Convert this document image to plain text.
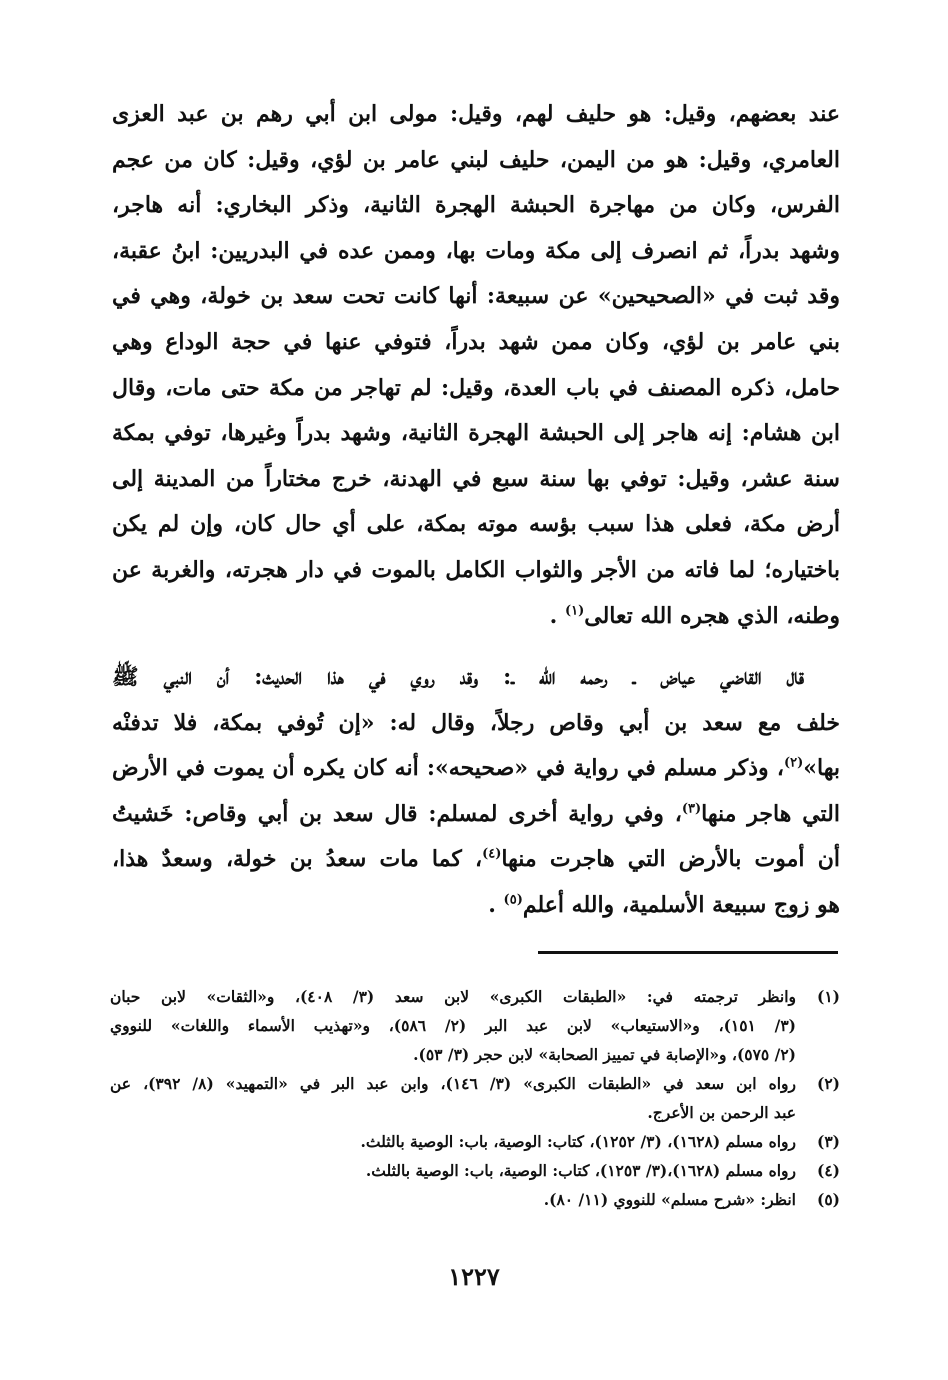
عند بعضهم، وقيل: هو حليف لهم، وقيل: مولى ابن أبي رهم بن عبد العزى
العامري، وقيل: هو من اليمن، حليف لبني عامر بن لؤي، وقيل: كان من عجم
الفرس، وكان من مهاجرة الحبشة الهجرة الثانية، وذكر البخاري: أنه هاجر،
وشهد بدراً، ثم انصرف إلى مكة ومات بها، وممن عده في البدريين: ابنُ عقبة،
وقد ثبت في «الصحيحين» عن سبيعة: أنها كانت تحت سعد بن خولة، وهي في
بني عامر بن لؤي، وكان ممن شهد بدراً، فتوفي عنها في حجة الوداع وهي
حامل، ذكره المصنف في باب العدة، وقيل: لم تهاجر من مكة حتى مات، وقال
ابن هشام: إنه هاجر إلى الحبشة الهجرة الثانية، وشهد بدراً وغيرها، توفي بمكة
سنة عشر، وقيل: توفي بها سنة سبع في الهدنة، خرج مختاراً من المدينة إلى
أرض مكة، فعلى هذا سبب بؤسه موته بمكة، على أي حال كان، وإن لم يكن
باختياره؛ لما فاته من الأجر والثواب الكامل بالموت في دار هجرته، والغربة عن
وطنه، الذي هجره الله تعالى$^{(١)}$ .
قال القاضي عياض ـ رحمه الله ـ: وقد روي في هذا الحديث: أن النبي ﷺ
خلف مع سعد بن أبي وقاص رجلاً، وقال له: «إن تُوفي بمكة، فلا تدفنْه
بها»$^{(٢)}$، وذكر مسلم في رواية في «صحيحه»: أنه كان يكره أن يموت في الأرض
التي هاجر منها$^{(٣)}$، وفي رواية أخرى لمسلم: قال سعد بن أبي وقاص: خَشيتُ
أن أموت بالأرض التي هاجرت منها$^{(٤)}$، كما مات سعدُ بن خولة، وسعدٌ هذا،
هو زوج سبيعة الأسلمية، والله أعلم$^{(٥)}$ .
(١)
وانظر ترجمته في: «الطبقات الكبرى» لابن سعد (٣/ ٤٠٨)، و«الثقات» لابن حبان
(٣/ ١٥١)، و«الاستيعاب» لابن عبد البر (٢/ ٥٨٦)، و«تهذيب الأسماء واللغات» للنووي
(٢/ ٥٧٥)، و«الإصابة في تمييز الصحابة» لابن حجر (٣/ ٥٣).
(٢)
رواه ابن سعد في «الطبقات الكبرى» (٣/ ١٤٦)، وابن عبد البر في «التمهيد» (٨/ ٣٩٢)، عن
عبد الرحمن بن الأعرج.
(٣)
رواه مسلم (١٦٢٨)، (٣/ ١٢٥٢)، كتاب: الوصية، باب: الوصية بالثلث.
(٤)
رواه مسلم (١٦٢٨)،(٣/ ١٢٥٣)، كتاب: الوصية، باب: الوصية بالثلث.
(٥)
انظر: «شرح مسلم» للنووي (١١/ ٨٠).
١٢٢٧
